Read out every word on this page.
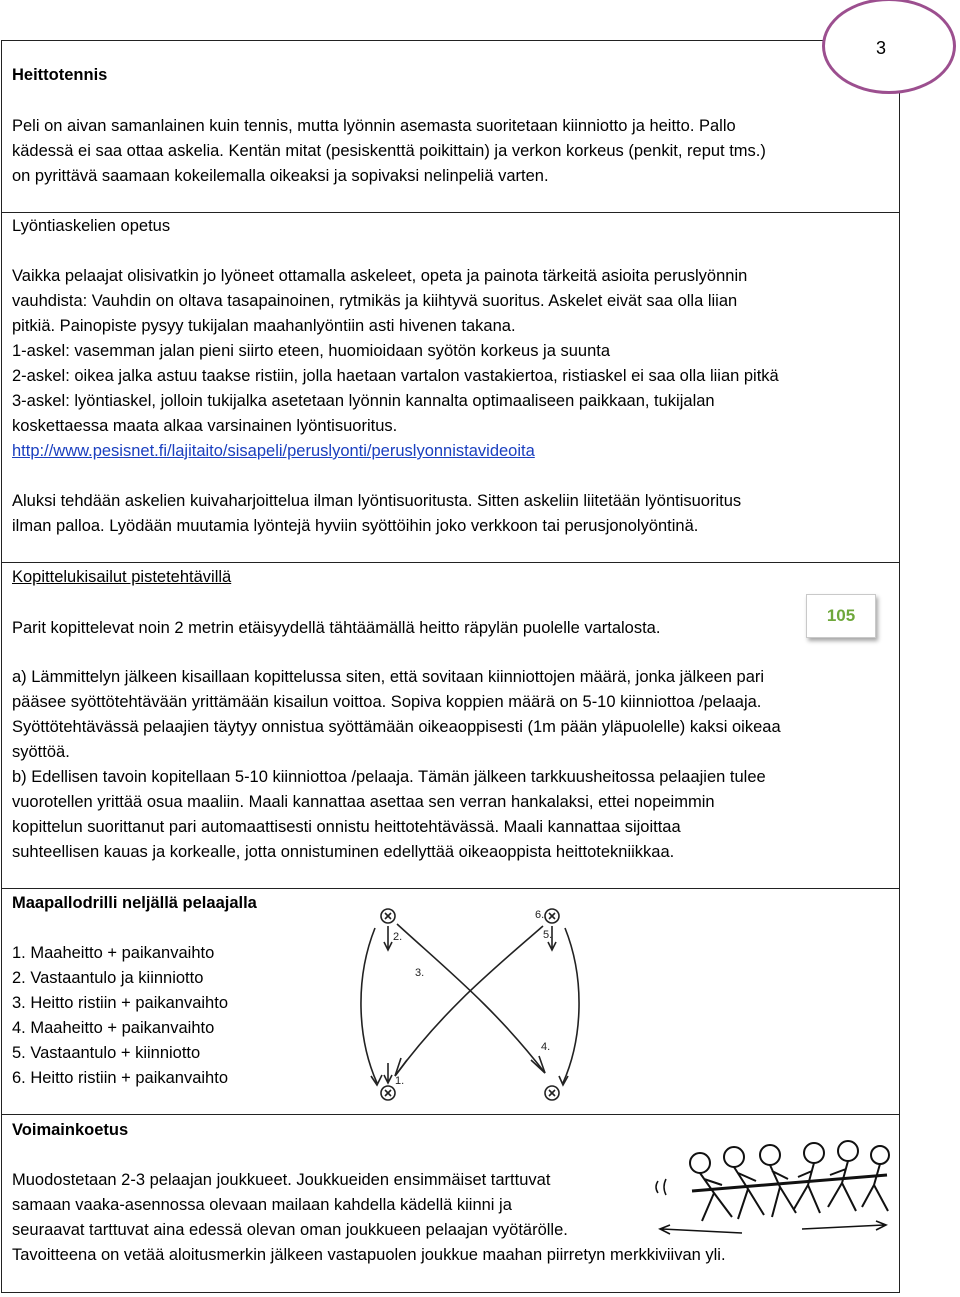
3
Heittotennis
Peli on aivan samanlainen kuin tennis, mutta lyönnin asemasta suoritetaan kiinniotto ja heitto. Pallo
kädessä ei saa ottaa askelia. Kentän mitat (pesiskenttä poikittain) ja verkon korkeus (penkit, reput tms.)
on pyrittävä saamaan kokeilemalla oikeaksi ja sopivaksi nelinpeliä varten.
Lyöntiaskelien opetus
Vaikka pelaajat olisivatkin jo lyöneet ottamalla askeleet, opeta ja painota tärkeitä asioita peruslyönnin
vauhdista: Vauhdin on oltava tasapainoinen, rytmikäs ja kiihtyvä suoritus. Askelet eivät saa olla liian
pitkiä. Painopiste pysyy tukijalan maahanlyöntiin asti hivenen takana.
1-askel: vasemman jalan pieni siirto eteen, huomioidaan syötön korkeus ja suunta
2-askel: oikea jalka astuu taakse ristiin, jolla haetaan vartalon vastakiertoa, ristiaskel ei saa olla liian pitkä
3-askel: lyöntiaskel, jolloin tukijalka asetetaan lyönnin kannalta optimaaliseen paikkaan, tukijalan
koskettaessa maata alkaa varsinainen lyöntisuoritus.
http://www.pesisnet.fi/lajitaito/sisapeli/peruslyonti/peruslyonnistavideoita
Aluksi tehdään askelien kuivaharjoittelua ilman lyöntisuoritusta. Sitten askeliin liitetään lyöntisuoritus
ilman palloa. Lyödään muutamia lyöntejä hyviin syöttöihin joko verkkoon tai perusjonolyöntinä.
Kopittelukisailut pistetehtävillä
Parit kopittelevat noin 2 metrin etäisyydellä tähtäämällä heitto räpylän puolelle vartalosta.
105
a) Lämmittelyn jälkeen kisaillaan kopittelussa siten, että sovitaan kiinniottojen määrä, jonka jälkeen pari
pääsee syöttötehtävään yrittämään kisailun voittoa. Sopiva koppien määrä on 5-10 kiinniottoa /pelaaja.
Syöttötehtävässä pelaajien täytyy onnistua syöttämään oikeaoppisesti (1m pään yläpuolelle) kaksi oikeaa
syöttöä.
b) Edellisen tavoin kopitellaan 5-10 kiinniottoa /pelaaja. Tämän jälkeen tarkkuusheitossa pelaajien tulee
vuorotellen yrittää osua maaliin. Maali kannattaa asettaa sen verran hankalaksi, ettei nopeimmin
kopittelun suorittanut pari automaattisesti onnistu heittotehtävässä. Maali kannattaa sijoittaa
suhteellisen kauas ja korkealle, jotta onnistuminen edellyttää oikeaoppista heittotekniikkaa.
Maapallodrilli neljällä pelaajalla
1. Maaheitto + paikanvaihto
2. Vastaantulo ja kiinniotto
3. Heitto ristiin + paikanvaihto
4. Maaheitto + paikanvaihto
5. Vastaantulo + kiinniotto
6. Heitto ristiin + paikanvaihto
2.
3.
6.
5.
4.
1.
Voimainkoetus
Muodostetaan 2-3 pelaajan joukkueet. Joukkueiden ensimmäiset tarttuvat
samaan vaaka-asennossa olevaan mailaan kahdella kädellä kiinni ja
seuraavat tarttuvat aina edessä olevan oman joukkueen pelaajan vyötärölle.
Tavoitteena on vetää aloitusmerkin jälkeen vastapuolen joukkue maahan piirretyn merkkiviivan yli.
